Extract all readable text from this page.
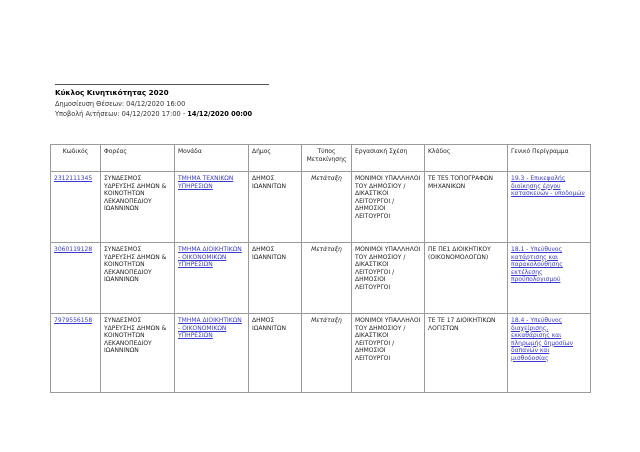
Κύκλος Κινητικότητας 2020
Δημοσίευση Θέσεων: 04/12/2020 16:00
Υποβολή Αιτήσεων: 04/12/2020 17:00 - 14/12/2020 00:00
Κωδικός	Φορέας	Μονάδα	Δήμος	Τύπος Μετακίνησης	Εργασιακή Σχέση	Κλάδος	Γενικό Περίγραμμα
2312111345	ΣΥΝΔΕΣΜΟΣ ΥΔΡΕΥΣΗΣ ΔΗΜΩΝ & ΚΟΙΝΟΤΗΤΩΝ ΛΕΚΑΝΟΠΕΔΙΟΥ ΙΩΑΝΝΙΝΩΝ	ΤΜΗΜΑ ΤΕΧΝΙΚΩΝ ΥΠΗΡΕΣΙΩΝ	ΔΗΜΟΣ ΙΩΑΝΝΙΤΩΝ	Μετάταξη	ΜΟΝΙΜΟΙ ΥΠΑΛΛΗΛΟΙ ΤΟΥ ΔΗΜΟΣΙΟΥ /ΔΙΚΑΣΤΙΚΟΙ ΛΕΙΤΟΥΡΓΟΙ /ΔΗΜΟΣΙΟΙ ΛΕΙΤΟΥΡΓΟΙ	ΤΕ ΤΕ5 ΤΟΠΟΓΡΑΦΩΝ ΜΗΧΑΝΙΚΩΝ	19.3 - Επικεφαλής διοίκησης έργου κατασκευών - υποδομών
3060119128	ΣΥΝΔΕΣΜΟΣ ΥΔΡΕΥΣΗΣ ΔΗΜΩΝ & ΚΟΙΝΟΤΗΤΩΝ ΛΕΚΑΝΟΠΕΔΙΟΥ ΙΩΑΝΝΙΝΩΝ	ΤΜΗΜΑ ΔΙΟΙΚΗΤΙΚΩΝ - ΟΙΚΟΝΟΜΙΚΩΝ ΥΠΗΡΕΣΙΩΝ	ΔΗΜΟΣ ΙΩΑΝΝΙΤΩΝ	Μετάταξη	ΜΟΝΙΜΟΙ ΥΠΑΛΛΗΛΟΙ ΤΟΥ ΔΗΜΟΣΙΟΥ /ΔΙΚΑΣΤΙΚΟΙ ΛΕΙΤΟΥΡΓΟΙ /ΔΗΜΟΣΙΟΙ ΛΕΙΤΟΥΡΓΟΙ	ΠΕ ΠΕ1 ΔΙΟΙΚΗΤΙΚΟΥ (ΟΙΚΟΝΟΜΟΛΟΓΩΝ)	18.1 - Υπεύθυνος κατάρτισης και παρακολούθησης εκτέλεσης προϋπολογισμού
7979556158	ΣΥΝΔΕΣΜΟΣ ΥΔΡΕΥΣΗΣ ΔΗΜΩΝ & ΚΟΙΝΟΤΗΤΩΝ ΛΕΚΑΝΟΠΕΔΙΟΥ ΙΩΑΝΝΙΝΩΝ	ΤΜΗΜΑ ΔΙΟΙΚΗΤΙΚΩΝ - ΟΙΚΟΝΟΜΙΚΩΝ ΥΠΗΡΕΣΙΩΝ	ΔΗΜΟΣ ΙΩΑΝΝΙΤΩΝ	Μετάταξη	ΜΟΝΙΜΟΙ ΥΠΑΛΛΗΛΟΙ ΤΟΥ ΔΗΜΟΣΙΟΥ /ΔΙΚΑΣΤΙΚΟΙ ΛΕΙΤΟΥΡΓΟΙ /ΔΗΜΟΣΙΟΙ ΛΕΙΤΟΥΡΓΟΙ	ΤΕ ΤΕ 17 ΔΙΟΙΚΗΤΙΚΩΝ ΛΟΓΙΣΤΩΝ	18.4 - Υπεύθυνος διαχείρισης, εκκαθάρισης και πληρωμής δημοσίων δαπανών και μισθοδοσίας
